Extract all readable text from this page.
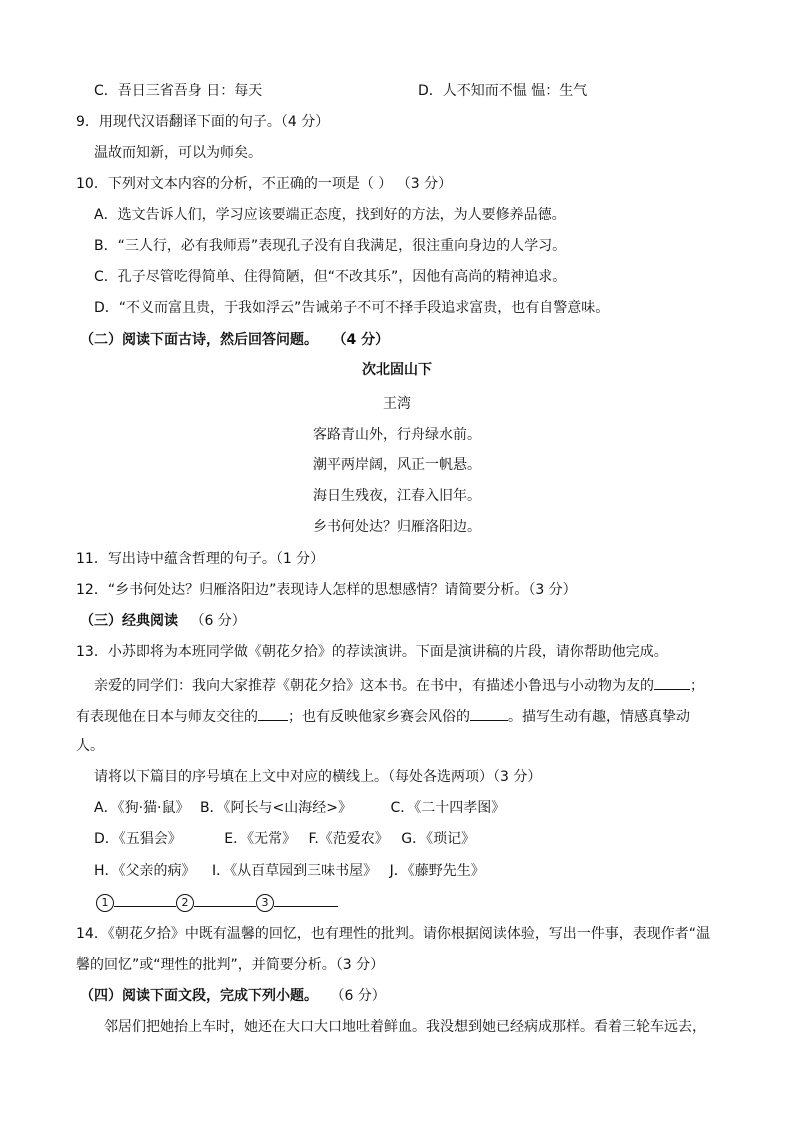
C．吾日三省吾身 日：每天	D．人不知而不愠 愠：生气
9．用现代汉语翻译下面的句子。（4 分）
温故而知新，可以为师矣。
10．下列对文本内容的分析，不正确的一项是（ ） （3 分）
A．选文告诉人们，学习应该要端正态度，找到好的方法，为人要修养品德。
B．“三人行，必有我师焉”表现孔子没有自我满足，很注重向身边的人学习。
C．孔子尽管吃得简单、住得简陋，但“不改其乐”，因他有高尚的精神追求。
D．“不义而富且贵，于我如浮云”告诫弟子不可不择手段追求富贵，也有自警意味。
（二）阅读下面古诗，然后回答问题。 （4 分）
次北固山下
王湾
客路青山外，行舟绿水前。
潮平两岸阔，风正一帆悬。
海日生残夜，江春入旧年。
乡书何处达？归雁洛阳边。
11．写出诗中蕴含哲理的句子。（1 分）
12．“乡书何处达？归雁洛阳边”表现诗人怎样的思想感情？请简要分析。（3 分）
（三）经典阅读 （6 分）
13．小苏即将为本班同学做《朝花夕拾》的荐读演讲。下面是演讲稿的片段，请你帮助他完成。
亲爱的同学们：我向大家推荐《朝花夕拾》这本书。在书中，有描述小鲁迅与小动物为友的	；
有表现他在日本与师友交往的 ；也有反映他家乡赛会风俗的	。描写生动有趣，情感真挚动
人。
请将以下篇目的序号填在上文中对应的横线上。（每处各选两项）（3 分）
A．《狗·猫·鼠》 B．《阿长与<山海经>》	C．《二十四孝图》
D．《五猖会》	E．《无常》 F.《范爱农》 G．《琐记》
H．《父亲的病》 I．《从百草园到三味书屋》 J．《藤野先生》
1	2	3
14．《朝花夕拾》中既有温馨的回忆，也有理性的批判。请你根据阅读体验，写出一件事，表现作者“温
馨的回忆”或“理性的批判”，并简要分析。（3 分）
（四）阅读下面文段，完成下列小题。 （6 分）
邻居们把她抬上车时，她还在大口大口地吐着鲜血。我没想到她已经病成那样。看着三轮车远去，
